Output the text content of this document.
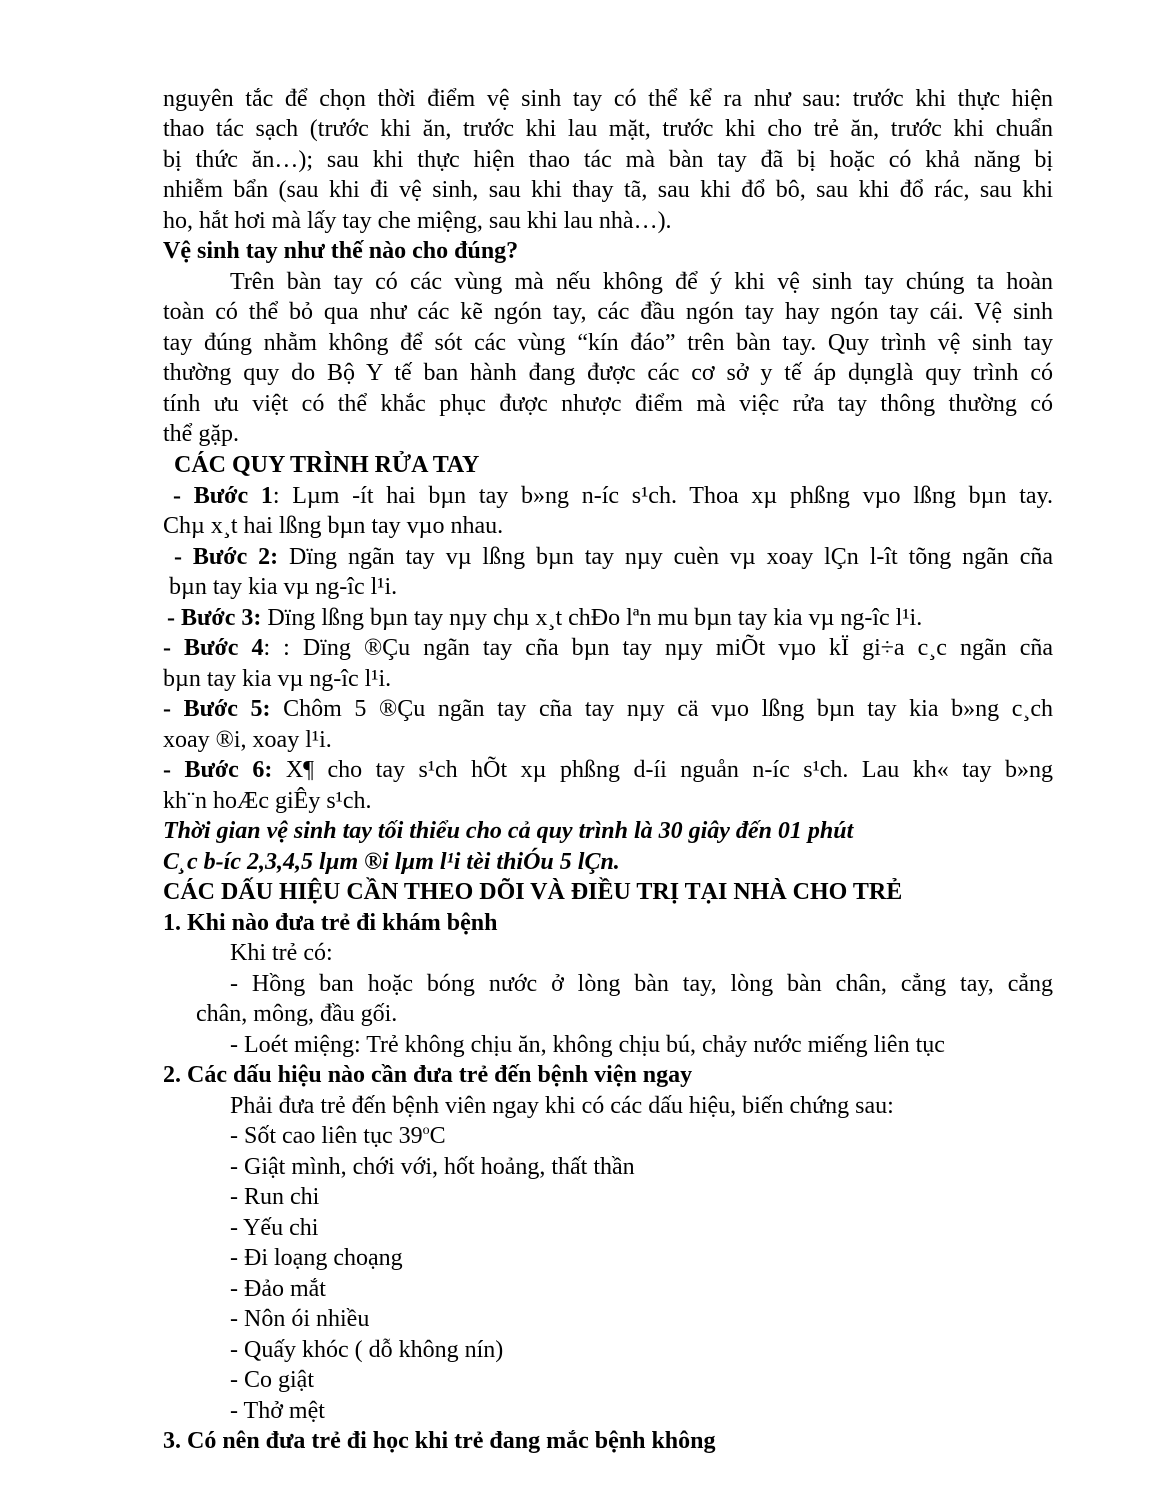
nguyên tắc để chọn thời điểm vệ sinh tay có thể kể ra như sau: trước khi thực hiện
thao tác sạch (trước khi ăn, trước khi lau mặt, trước khi cho trẻ ăn, trước khi chuẩn
bị thức ăn…); sau khi thực hiện thao tác mà bàn tay đã bị hoặc có khả năng bị
nhiễm bẩn (sau khi đi vệ sinh, sau khi thay tã, sau khi đổ bô, sau khi đổ rác, sau khi
ho, hắt hơi mà lấy tay che miệng, sau khi lau nhà…).
Vệ sinh tay như thế nào cho đúng?
Trên bàn tay có các vùng mà nếu không để ý khi vệ sinh tay chúng ta hoàn
toàn có thể bỏ qua như các kẽ ngón tay, các đầu ngón tay hay ngón tay cái. Vệ sinh
tay đúng nhằm không để sót các vùng “kín đáo” trên bàn tay. Quy trình vệ sinh tay
thường quy do Bộ Y tế ban hành đang được các cơ sở y tế áp dụnglà quy trình có
tính ưu việt có thể khắc phục được nhược điểm mà việc rửa tay thông thường có
thể gặp.
CÁC QUY TRÌNH RỬA TAY
- Bước 1: Lµm -ít hai bµn tay b»ng n-íc s¹ch. Thoa xµ phßng vµo lßng bµn tay.
Chµ x¸t hai lßng bµn tay vµo nhau.
- Bước 2: Dïng ngãn tay vµ lßng bµn tay nµy cuèn vµ xoay lÇn l-ît tõng ngãn cña
bµn tay kia vµ ng-îc l¹i.
- Bước 3: Dïng lßng bµn tay nµy chµ x¸t chÐo lªn mu bµn tay kia vµ ng-îc l¹i.
- Bước 4: : Dïng ®Çu ngãn tay cña bµn tay nµy miÕt vµo kÏ gi÷a c¸c ngãn cña
bµn tay kia vµ ng-îc l¹i.
- Bước 5: Chôm 5 ®Çu ngãn tay cña tay nµy cä vµo lßng bµn tay kia b»ng c¸ch
xoay ®i, xoay l¹i.
- Bước 6: X¶ cho tay s¹ch hÕt xµ phßng d-íi nguån n-íc s¹ch. Lau kh« tay b»ng
kh¨n hoÆc giÊy s¹ch.
Thời gian vệ sinh tay tối thiểu cho cả quy trình là 30 giây đến 01 phút
C¸c b-íc 2,3,4,5 lµm ®i lµm l¹i tèi thiÓu 5 lÇn.
CÁC DẤU HIỆU CẦN THEO DÕI VÀ ĐIỀU TRỊ TẠI NHÀ CHO TRẺ
1. Khi nào đưa trẻ đi khám bệnh
Khi trẻ có:
- Hồng ban hoặc bóng nước ở lòng bàn tay, lòng bàn chân, cẳng tay, cẳng
chân, mông, đầu gối.
- Loét miệng: Trẻ không chịu ăn, không chịu bú, chảy nước miếng liên tục
2. Các dấu hiệu nào cần đưa trẻ đến bệnh viện ngay
Phải đưa trẻ đến bệnh viên ngay khi có các dấu hiệu, biến chứng sau:
- Sốt cao liên tục 39$^o$C
- Giật mình, chới với, hốt hoảng, thất thần
- Run chi
- Yếu chi
- Đi loạng choạng
- Đảo mắt
- Nôn ói nhiều
- Quấy khóc ( dỗ không nín)
- Co giật
- Thở mệt
3. Có nên đưa trẻ đi học khi trẻ đang mắc bệnh không
